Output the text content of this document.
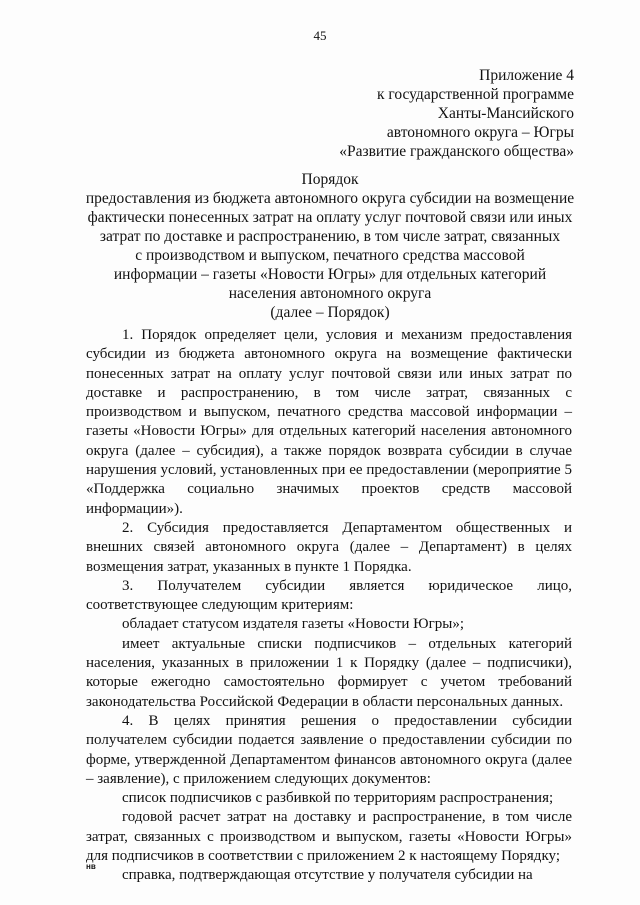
45
Приложение 4
к государственной программе
Ханты-Мансийского
автономного округа – Югры
«Развитие гражданского общества»
Порядок
предоставления из бюджета автономного округа субсидии на возмещение
фактически понесенных затрат на оплату услуг почтовой связи или иных
затрат по доставке и распространению, в том числе затрат, связанных
с производством и выпуском, печатного средства массовой
информации – газеты «Новости Югры» для отдельных категорий
населения автономного округа
(далее – Порядок)

1. Порядок определяет цели, условия и механизм предоставления субсидии из бюджета автономного округа на возмещение фактически понесенных затрат на оплату услуг почтовой связи или иных затрат по доставке и распространению, в том числе затрат, связанных с производством и выпуском, печатного средства массовой информации – газеты «Новости Югры» для отдельных категорий населения автономного округа (далее – субсидия), а также порядок возврата субсидии в случае нарушения условий, установленных при ее предоставлении (мероприятие 5 «Поддержка социально значимых проектов средств массовой информации»).

2. Субсидия предоставляется Департаментом общественных и внешних связей автономного округа (далее – Департамент) в целях возмещения затрат, указанных в пункте 1 Порядка.

3. Получателем субсидии является юридическое лицо, соответствующее следующим критериям:

обладает статусом издателя газеты «Новости Югры»;

имеет актуальные списки подписчиков – отдельных категорий населения, указанных в приложении 1 к Порядку (далее – подписчики), которые ежегодно самостоятельно формирует с учетом требований законодательства Российской Федерации в области персональных данных.

4. В целях принятия решения о предоставлении субсидии получателем субсидии подается заявление о предоставлении субсидии по форме, утвержденной Департаментом финансов автономного округа (далее – заявление), с приложением следующих документов:

список подписчиков с разбивкой по территориям распространения;

годовой расчет затрат на доставку и распространение, в том числе затрат, связанных с производством и выпуском, газеты «Новости Югры» для подписчиков в соответствии с приложением 2 к настоящему Порядку;

справка, подтверждающая отсутствие у получателя субсидии на

нв
